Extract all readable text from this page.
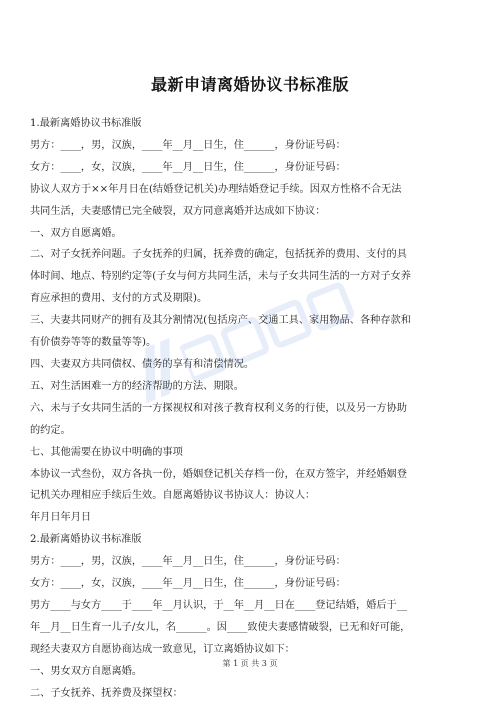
最新申请离婚协议书标准版
1.最新离婚协议书标准版
男方：____，男，汉族，____年__月__日生，住______，身份证号码：
女方：____，女，汉族，____年__月__日生，住______，身份证号码：
协议人双方于××年月日在(结婚登记机关)办理结婚登记手续。因双方性格不合无法
共同生活，夫妻感情已完全破裂，双方同意离婚并达成如下协议：
一、双方自愿离婚。
二、对子女抚养问题。子女抚养的归属，抚养费的确定，包括抚养的费用、支付的具
体时间、地点、特别约定等(子女与何方共同生活，未与子女共同生活的一方对子女养
育应承担的费用、支付的方式及期限)。
三、夫妻共同财产的拥有及其分割情况(包括房产、交通工具、家用物品、各种存款和
有价债券等等的数量等等)。
四、夫妻双方共同债权、债务的享有和清偿情况。
五、对生活困难一方的经济帮助的方法、期限。
六、未与子女共同生活的一方探视权和对孩子教育权利义务的行使，以及另一方协助
的约定。
七、其他需要在协议中明确的事项
本协议一式叁份，双方各执一份，婚姻登记机关存档一份，在双方签字，并经婚姻登
记机关办理相应手续后生效。自愿离婚协议书协议人：协议人：
年月日年月日
2.最新离婚协议书标准版
男方：____，男，汉族，____年__月__日生，住______，身份证号码：
女方：____，女，汉族，____年__月__日生，住______，身份证号码：
男方____与女方____于____年__月认识，于__年__月__日在____登记结婚，婚后于__
年__月__日生育一儿子/女儿，名______。因____致使夫妻感情破裂，已无和好可能，
现经夫妻双方自愿协商达成一致意见，订立离婚协议如下：
一、男女双方自愿离婚。
二、子女抚养、抚养费及探望权：
第 1 页 共 3 页
